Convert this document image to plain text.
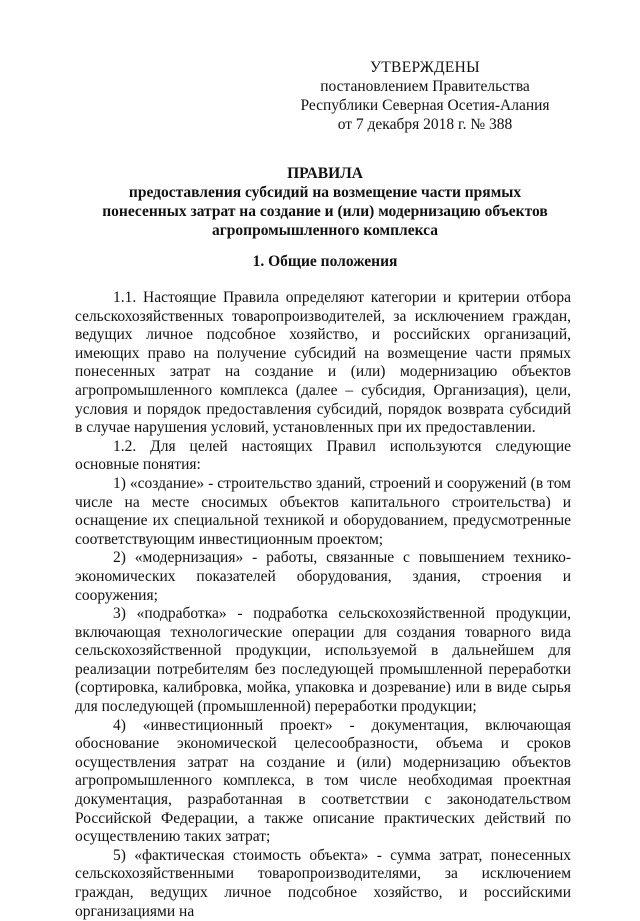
УТВЕРЖДЕНЫ
постановлением Правительства
Республики Северная Осетия-Алания
от 7 декабря 2018 г. № 388
ПРАВИЛА
предоставления субсидий на возмещение части прямых понесенных затрат на создание и (или) модернизацию объектов агропромышленного комплекса
1. Общие положения

1.1. Настоящие Правила определяют категории и критерии отбора сельскохозяйственных товаропроизводителей, за исключением граждан, ведущих личное подсобное хозяйство, и российских организаций, имеющих право на получение субсидий на возмещение части прямых понесенных затрат на создание и (или) модернизацию объектов агропромышленного комплекса (далее – субсидия, Организация), цели, условия и порядок предоставления субсидий, порядок возврата субсидий в случае нарушения условий, установленных при их предоставлении.

1.2. Для целей настоящих Правил используются следующие основные понятия:

1) «создание» - строительство зданий, строений и сооружений (в том числе на месте сносимых объектов капитального строительства) и оснащение их специальной техникой и оборудованием, предусмотренные соответствующим инвестиционным проектом;

2) «модернизация» - работы, связанные с повышением технико-экономических показателей оборудования, здания, строения и сооружения;

3) «подработка» - подработка сельскохозяйственной продукции, включающая технологические операции для создания товарного вида сельскохозяйственной продукции, используемой в дальнейшем для реализации потребителям без последующей промышленной переработки (сортировка, калибровка, мойка, упаковка и дозревание) или в виде сырья для последующей (промышленной) переработки продукции;

4) «инвестиционный проект» - документация, включающая обоснование экономической целесообразности, объема и сроков осуществления затрат на создание и (или) модернизацию объектов агропромышленного комплекса, в том числе необходимая проектная документация, разработанная в соответствии с законодательством Российской Федерации, а также описание практических действий по осуществлению таких затрат;

5) «фактическая стоимость объекта» - сумма затрат, понесенных сельскохозяйственными товаропроизводителями, за исключением граждан, ведущих личное подсобное хозяйство, и российскими организациями на
